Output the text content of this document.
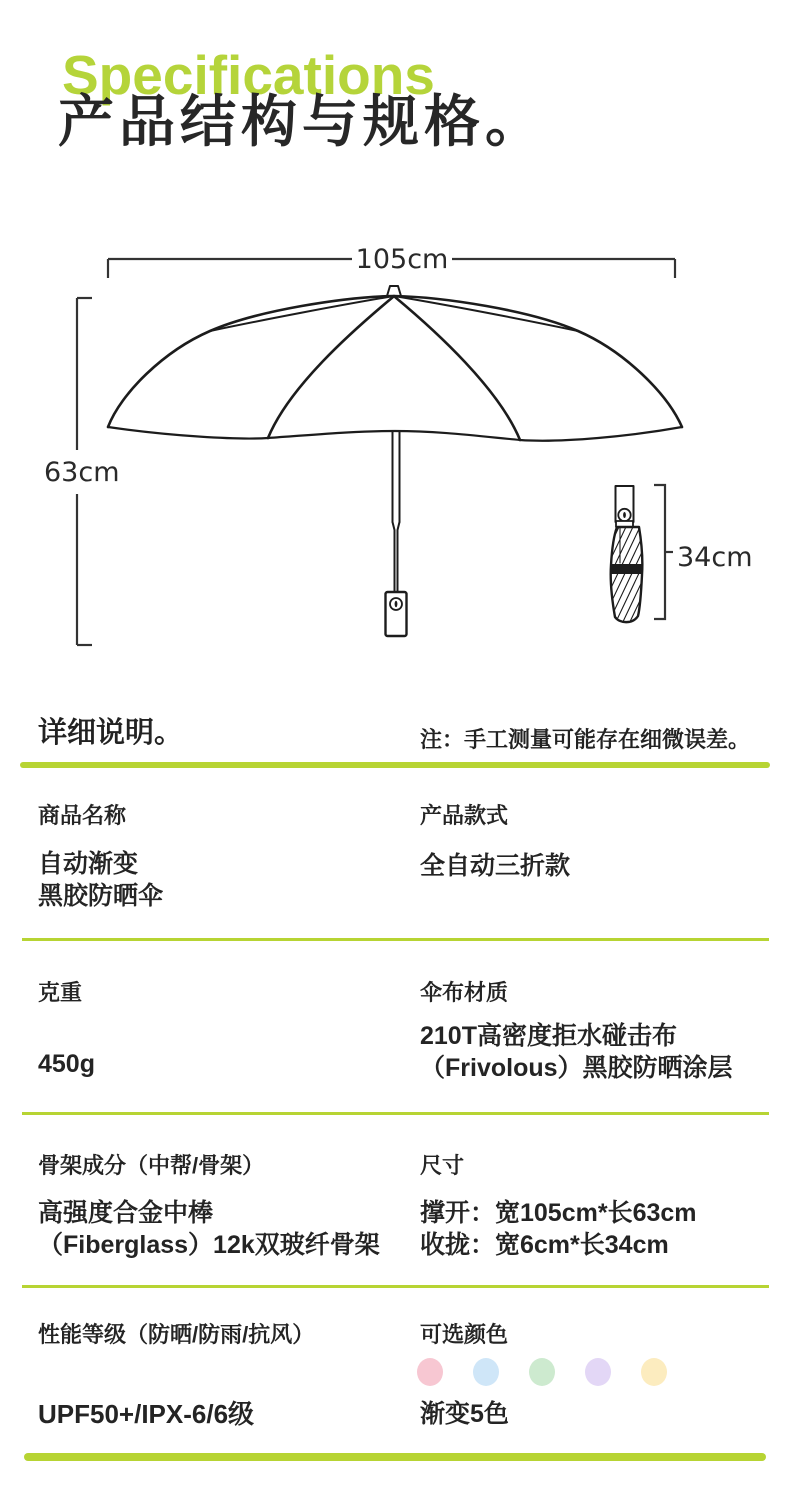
Specifications
产品结构与规格。
105cm
63cm
34cm
详细说明。	注：手工测量可能存在细微误差。
商品名称
自动渐变
黑胶防晒伞
产品款式
全自动三折款
克重
450g
伞布材质
210T高密度拒水碰击布
（Frivolous）黑胶防晒涂层
骨架成分（中帮/骨架）
高强度合金中棒
（Fiberglass）12k双玻纤骨架
尺寸
撑开：宽105cm*长63cm
收拢：宽6cm*长34cm
性能等级（防晒/防雨/抗风）
UPF50+/IPX-6/6级
可选颜色
渐变5色
